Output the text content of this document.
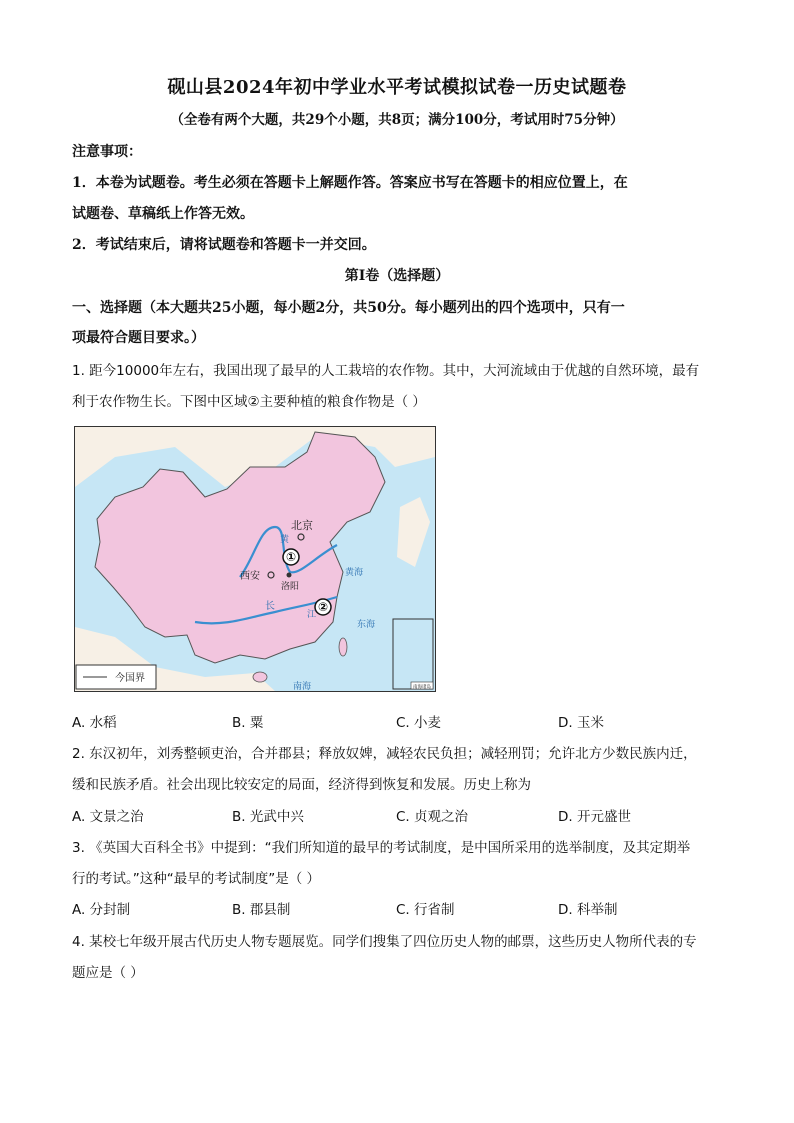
砚山县2024年初中学业水平考试模拟试卷一历史试题卷
（全卷有两个大题，共29个小题，共8页；满分100分，考试用时75分钟）
注意事项：
1．本卷为试题卷。考生必须在答题卡上解题作答。答案应书写在答题卡的相应位置上，在
试题卷、草稿纸上作答无效。
2．考试结束后，请将试题卷和答题卡一并交回。
第Ⅰ卷（选择题）
一、选择题（本大题共25小题，每小题2分，共50分。每小题列出的四个选项中，只有一
项最符合题目要求。）
1. 距今10000年左右，我国出现了最早的人工栽培的农作物。其中，大河流域由于优越的自然环境，最有
利于农作物生长。下图中区域②主要种植的粮食作物是（ ）
北京
西安
洛阳
黄
长
江
黄海
东海
南海
①
②
南海诸岛
今国界
A. 水稻	B. 粟	C. 小麦	D. 玉米
2. 东汉初年，刘秀整顿吏治，合并郡县；释放奴婢，减轻农民负担；减轻刑罚；允许北方少数民族内迁，
缓和民族矛盾。社会出现比较安定的局面，经济得到恢复和发展。历史上称为
A. 文景之治	B. 光武中兴	C. 贞观之治	D. 开元盛世
3. 《英国大百科全书》中提到：“我们所知道的最早的考试制度，是中国所采用的选举制度，及其定期举
行的考试。”这种“最早的考试制度”是（ ）
A. 分封制	B. 郡县制	C. 行省制	D. 科举制
4. 某校七年级开展古代历史人物专题展览。同学们搜集了四位历史人物的邮票，这些历史人物所代表的专
题应是（ ）
